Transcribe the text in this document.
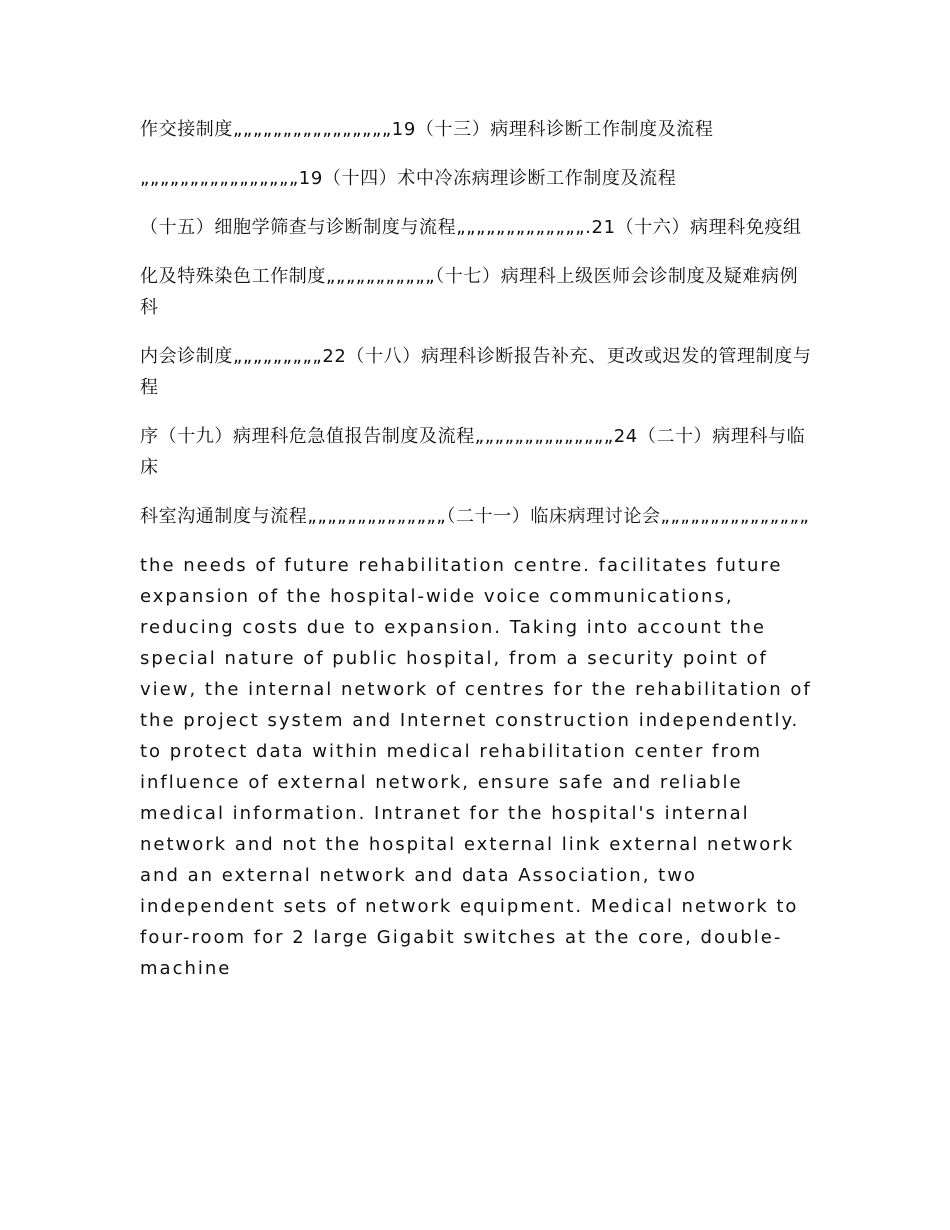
作交接制度„„„„„„„„„„„„„„„„19（十三）病理科诊断工作制度及流程

„„„„„„„„„„„„„„„„19（十四）术中冷冻病理诊断工作制度及流程

（十五）细胞学筛查与诊断制度与流程„„„„„„„„„„„„„.21（十六）病理科免疫组

化及特殊染色工作制度„„„„„„„„„„„（十七）病理科上级医师会诊制度及疑难病例科

内会诊制度„„„„„„„„„22（十八）病理科诊断报告补充、更改或迟发的管理制度与程

序（十九）病理科危急值报告制度及流程„„„„„„„„„„„„„„24（二十）病理科与临床

科室沟通制度与流程„„„„„„„„„„„„„„（二十一）临床病理讨论会„„„„„„„„„„„„„„„

the needs of future rehabilitation centre. facilitates future expansion of the hospital-wide voice communications, reducing costs due to expansion. Taking into account the special nature of public hospital, from a security point of view, the internal network of centres for the rehabilitation of the project system and Internet construction independently. to protect data within medical rehabilitation center from influence of external network, ensure safe and reliable medical information. Intranet for the hospital's internal network and not the hospital external link external network and an external network and data Association, two independent sets of network equipment. Medical network to four-room for 2 large Gigabit switches at the core, double-machine
